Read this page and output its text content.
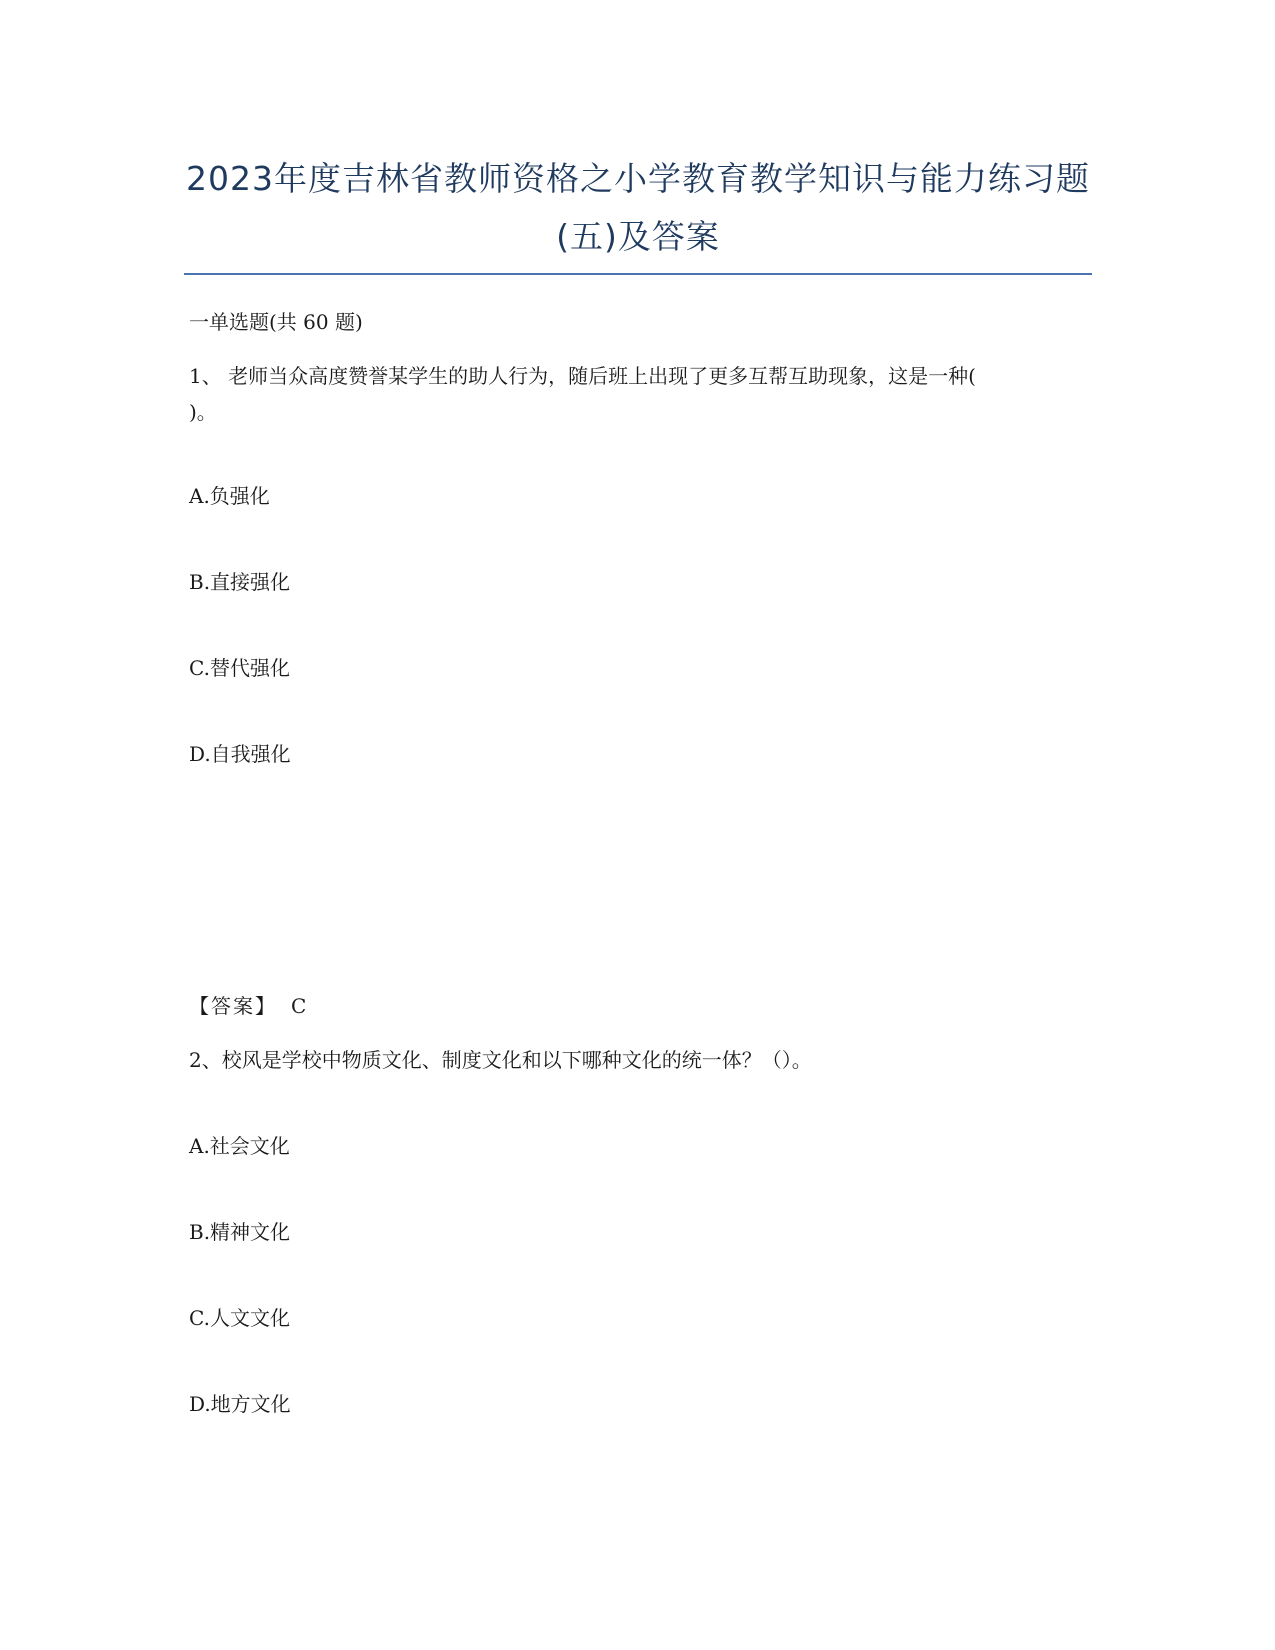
2023年度吉林省教师资格之小学教育教学知识与能力练习题(五)及答案
一单选题(共 60 题)
1、 老师当众高度赞誉某学生的助人行为，随后班上出现了更多互帮互助现象，这是一种(
)。
A.负强化
B.直接强化
C.替代强化
D.自我强化
【答案】 C
2、校风是学校中物质文化、制度文化和以下哪种文化的统一体？（）。
A.社会文化
B.精神文化
C.人文文化
D.地方文化
